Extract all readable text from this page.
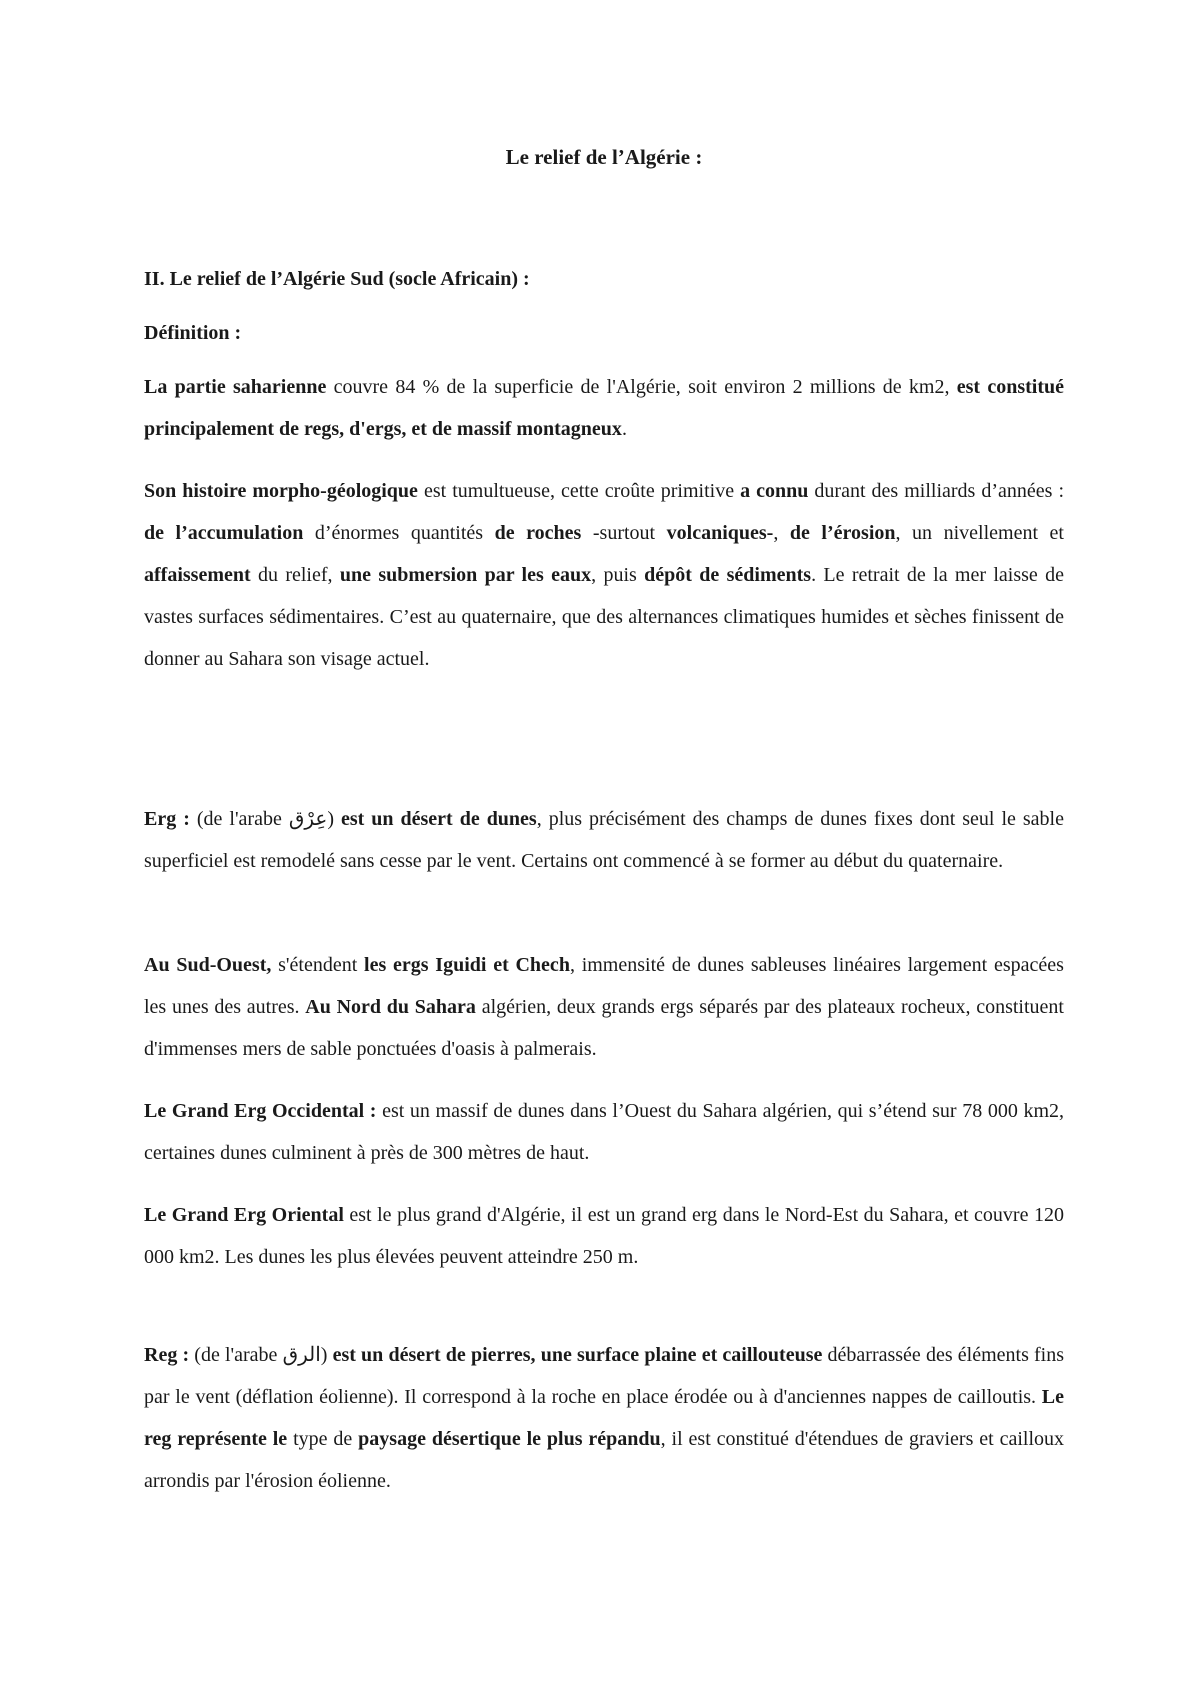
Le relief de l’Algérie :

II. Le relief de l’Algérie Sud (socle Africain) :

Définition :

La partie saharienne couvre 84 % de la superficie de l'Algérie, soit environ 2 millions de km2, est constitué principalement de regs, d'ergs, et de massif montagneux.

Son histoire morpho-géologique est tumultueuse, cette croûte primitive a connu durant des milliards d’années : de l’accumulation d’énormes quantités de roches -surtout volcaniques-, de l’érosion, un nivellement et affaissement du relief, une submersion par les eaux, puis dépôt de sédiments. Le retrait de la mer laisse de vastes surfaces sédimentaires. C’est au quaternaire, que des alternances climatiques humides et sèches finissent de donner au Sahara son visage actuel.

Erg : (de l'arabe عِرْق) est un désert de dunes, plus précisément des champs de dunes fixes dont seul le sable superficiel est remodelé sans cesse par le vent. Certains ont commencé à se former au début du quaternaire.

Au Sud-Ouest, s'étendent les ergs Iguidi et Chech, immensité de dunes sableuses linéaires largement espacées les unes des autres. Au Nord du Sahara algérien, deux grands ergs séparés par des plateaux rocheux, constituent d'immenses mers de sable ponctuées d'oasis à palmerais.

Le Grand Erg Occidental : est un massif de dunes dans l’Ouest du Sahara algérien, qui s’étend sur 78 000 km2, certaines dunes culminent à près de 300 mètres de haut.

Le Grand Erg Oriental est le plus grand d'Algérie, il est un grand erg dans le Nord-Est du Sahara, et couvre 120 000 km2. Les dunes les plus élevées peuvent atteindre 250 m.

Reg : (de l'arabe الرق) est un désert de pierres, une surface plaine et caillouteuse débarrassée des éléments fins par le vent (déflation éolienne). Il correspond à la roche en place érodée ou à d'anciennes nappes de cailloutis. Le reg représente le type de paysage désertique le plus répandu, il est constitué d'étendues de graviers et cailloux arrondis par l'érosion éolienne.
